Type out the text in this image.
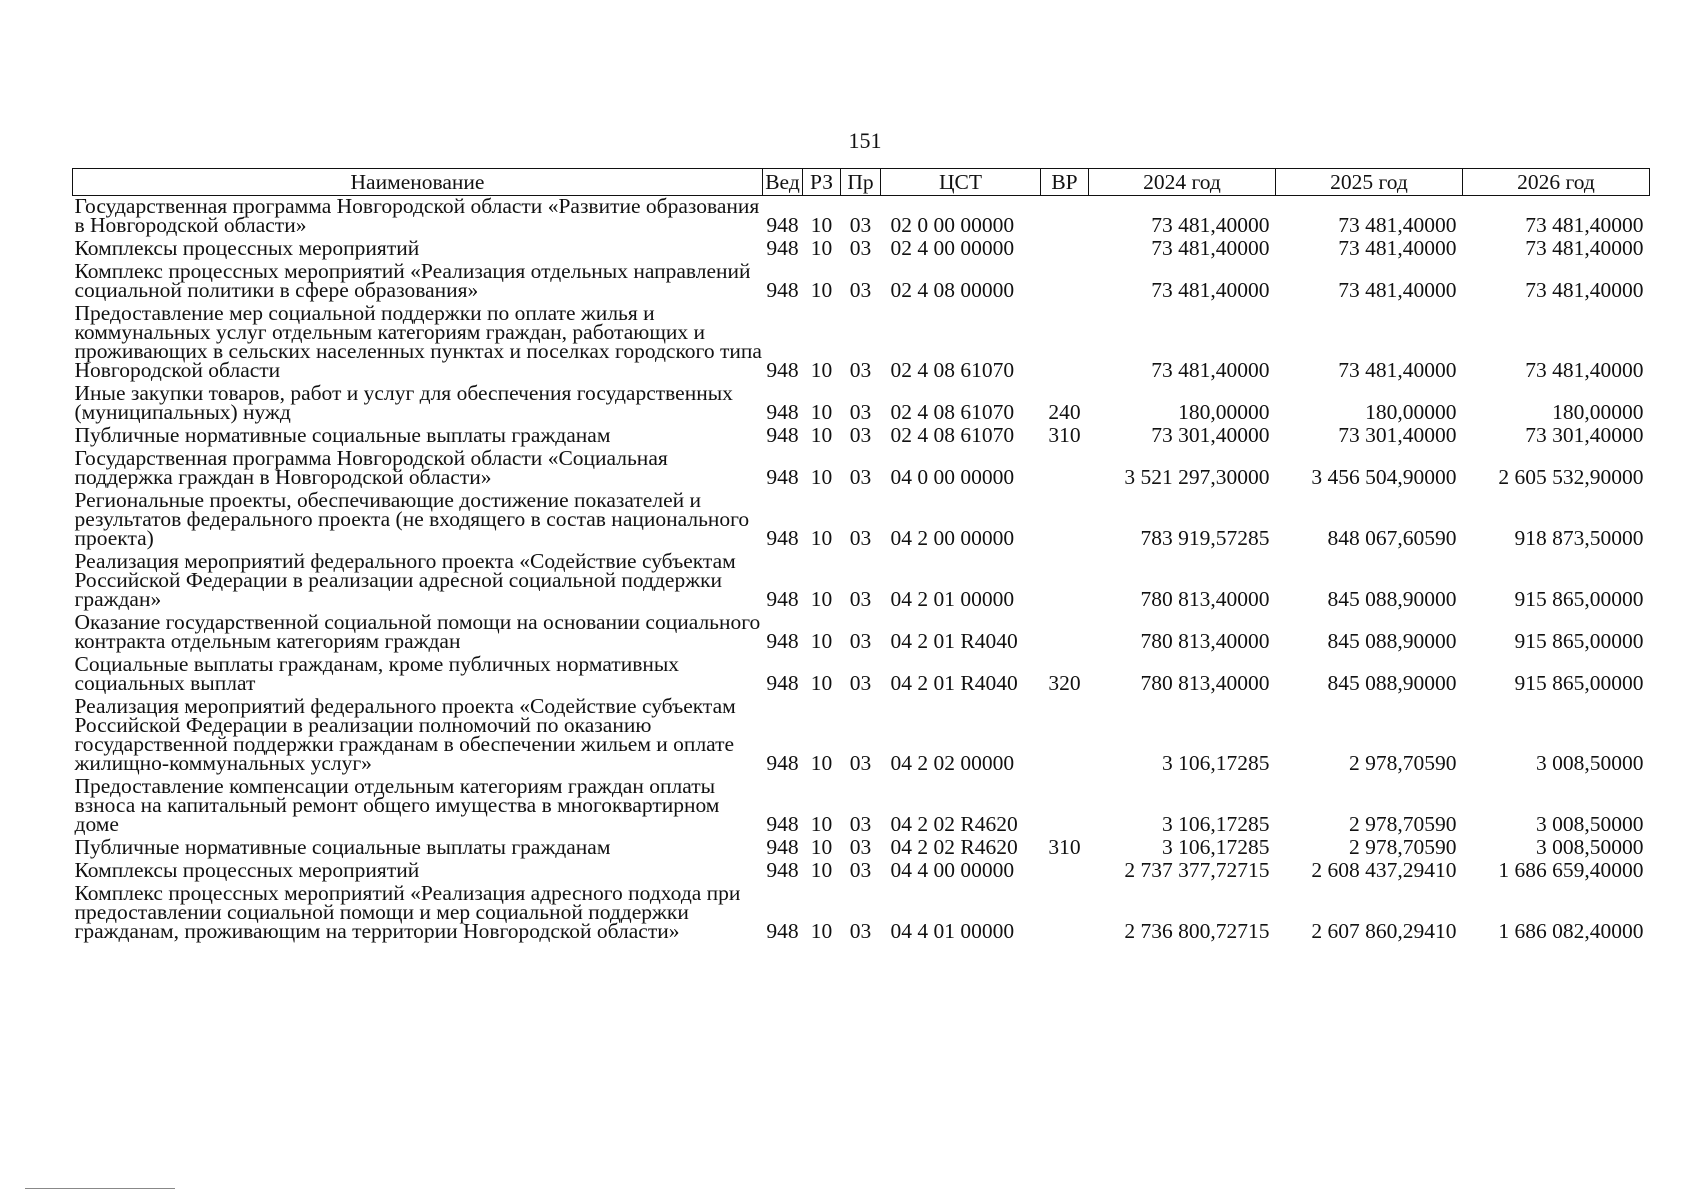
151
Наименование	Вед	РЗ	Пр	ЦСТ	ВР	2024 год	2025 год	2026 год
Государственная программа Новгородской области «Развитие образования в Новгородской области»	948	10	03	02 0 00 00000		73 481,40000	73 481,40000	73 481,40000
Комплексы процессных мероприятий	948	10	03	02 4 00 00000		73 481,40000	73 481,40000	73 481,40000
Комплекс процессных мероприятий «Реализация отдельных направлений социальной политики в сфере образования»	948	10	03	02 4 08 00000		73 481,40000	73 481,40000	73 481,40000
Предоставление мер социальной поддержки по оплате жилья и коммунальных услуг отдельным категориям граждан, работающих и проживающих в сельских населенных пунктах и поселках городского типа Новгородской области	948	10	03	02 4 08 61070		73 481,40000	73 481,40000	73 481,40000
Иные закупки товаров, работ и услуг для обеспечения государственных (муниципальных) нужд	948	10	03	02 4 08 61070	240	180,00000	180,00000	180,00000
Публичные нормативные социальные выплаты гражданам	948	10	03	02 4 08 61070	310	73 301,40000	73 301,40000	73 301,40000
Государственная программа Новгородской области «Социальная поддержка граждан в Новгородской области»	948	10	03	04 0 00 00000		3 521 297,30000	3 456 504,90000	2 605 532,90000
Региональные проекты, обеспечивающие достижение показателей и результатов федерального проекта (не входящего в состав национального проекта)	948	10	03	04 2 00 00000		783 919,57285	848 067,60590	918 873,50000
Реализация мероприятий федерального проекта «Содействие субъектам Российской Федерации в реализации адресной социальной поддержки граждан»	948	10	03	04 2 01 00000		780 813,40000	845 088,90000	915 865,00000
Оказание государственной социальной помощи на основании социального контракта отдельным категориям граждан	948	10	03	04 2 01 R4040		780 813,40000	845 088,90000	915 865,00000
Социальные выплаты гражданам, кроме публичных нормативных социальных выплат	948	10	03	04 2 01 R4040	320	780 813,40000	845 088,90000	915 865,00000
Реализация мероприятий федерального проекта «Содействие субъектам Российской Федерации в реализации полномочий по оказанию государственной поддержки гражданам в обеспечении жильем и оплате жилищно-коммунальных услуг»	948	10	03	04 2 02 00000		3 106,17285	2 978,70590	3 008,50000
Предоставление компенсации отдельным категориям граждан оплаты взноса на капитальный ремонт общего имущества в многоквартирном доме	948	10	03	04 2 02 R4620		3 106,17285	2 978,70590	3 008,50000
Публичные нормативные социальные выплаты гражданам	948	10	03	04 2 02 R4620	310	3 106,17285	2 978,70590	3 008,50000
Комплексы процессных мероприятий	948	10	03	04 4 00 00000		2 737 377,72715	2 608 437,29410	1 686 659,40000
Комплекс процессных мероприятий «Реализация адресного подхода при предоставлении социальной помощи и мер социальной поддержки гражданам, проживающим на территории Новгородской области»	948	10	03	04 4 01 00000		2 736 800,72715	2 607 860,29410	1 686 082,40000
